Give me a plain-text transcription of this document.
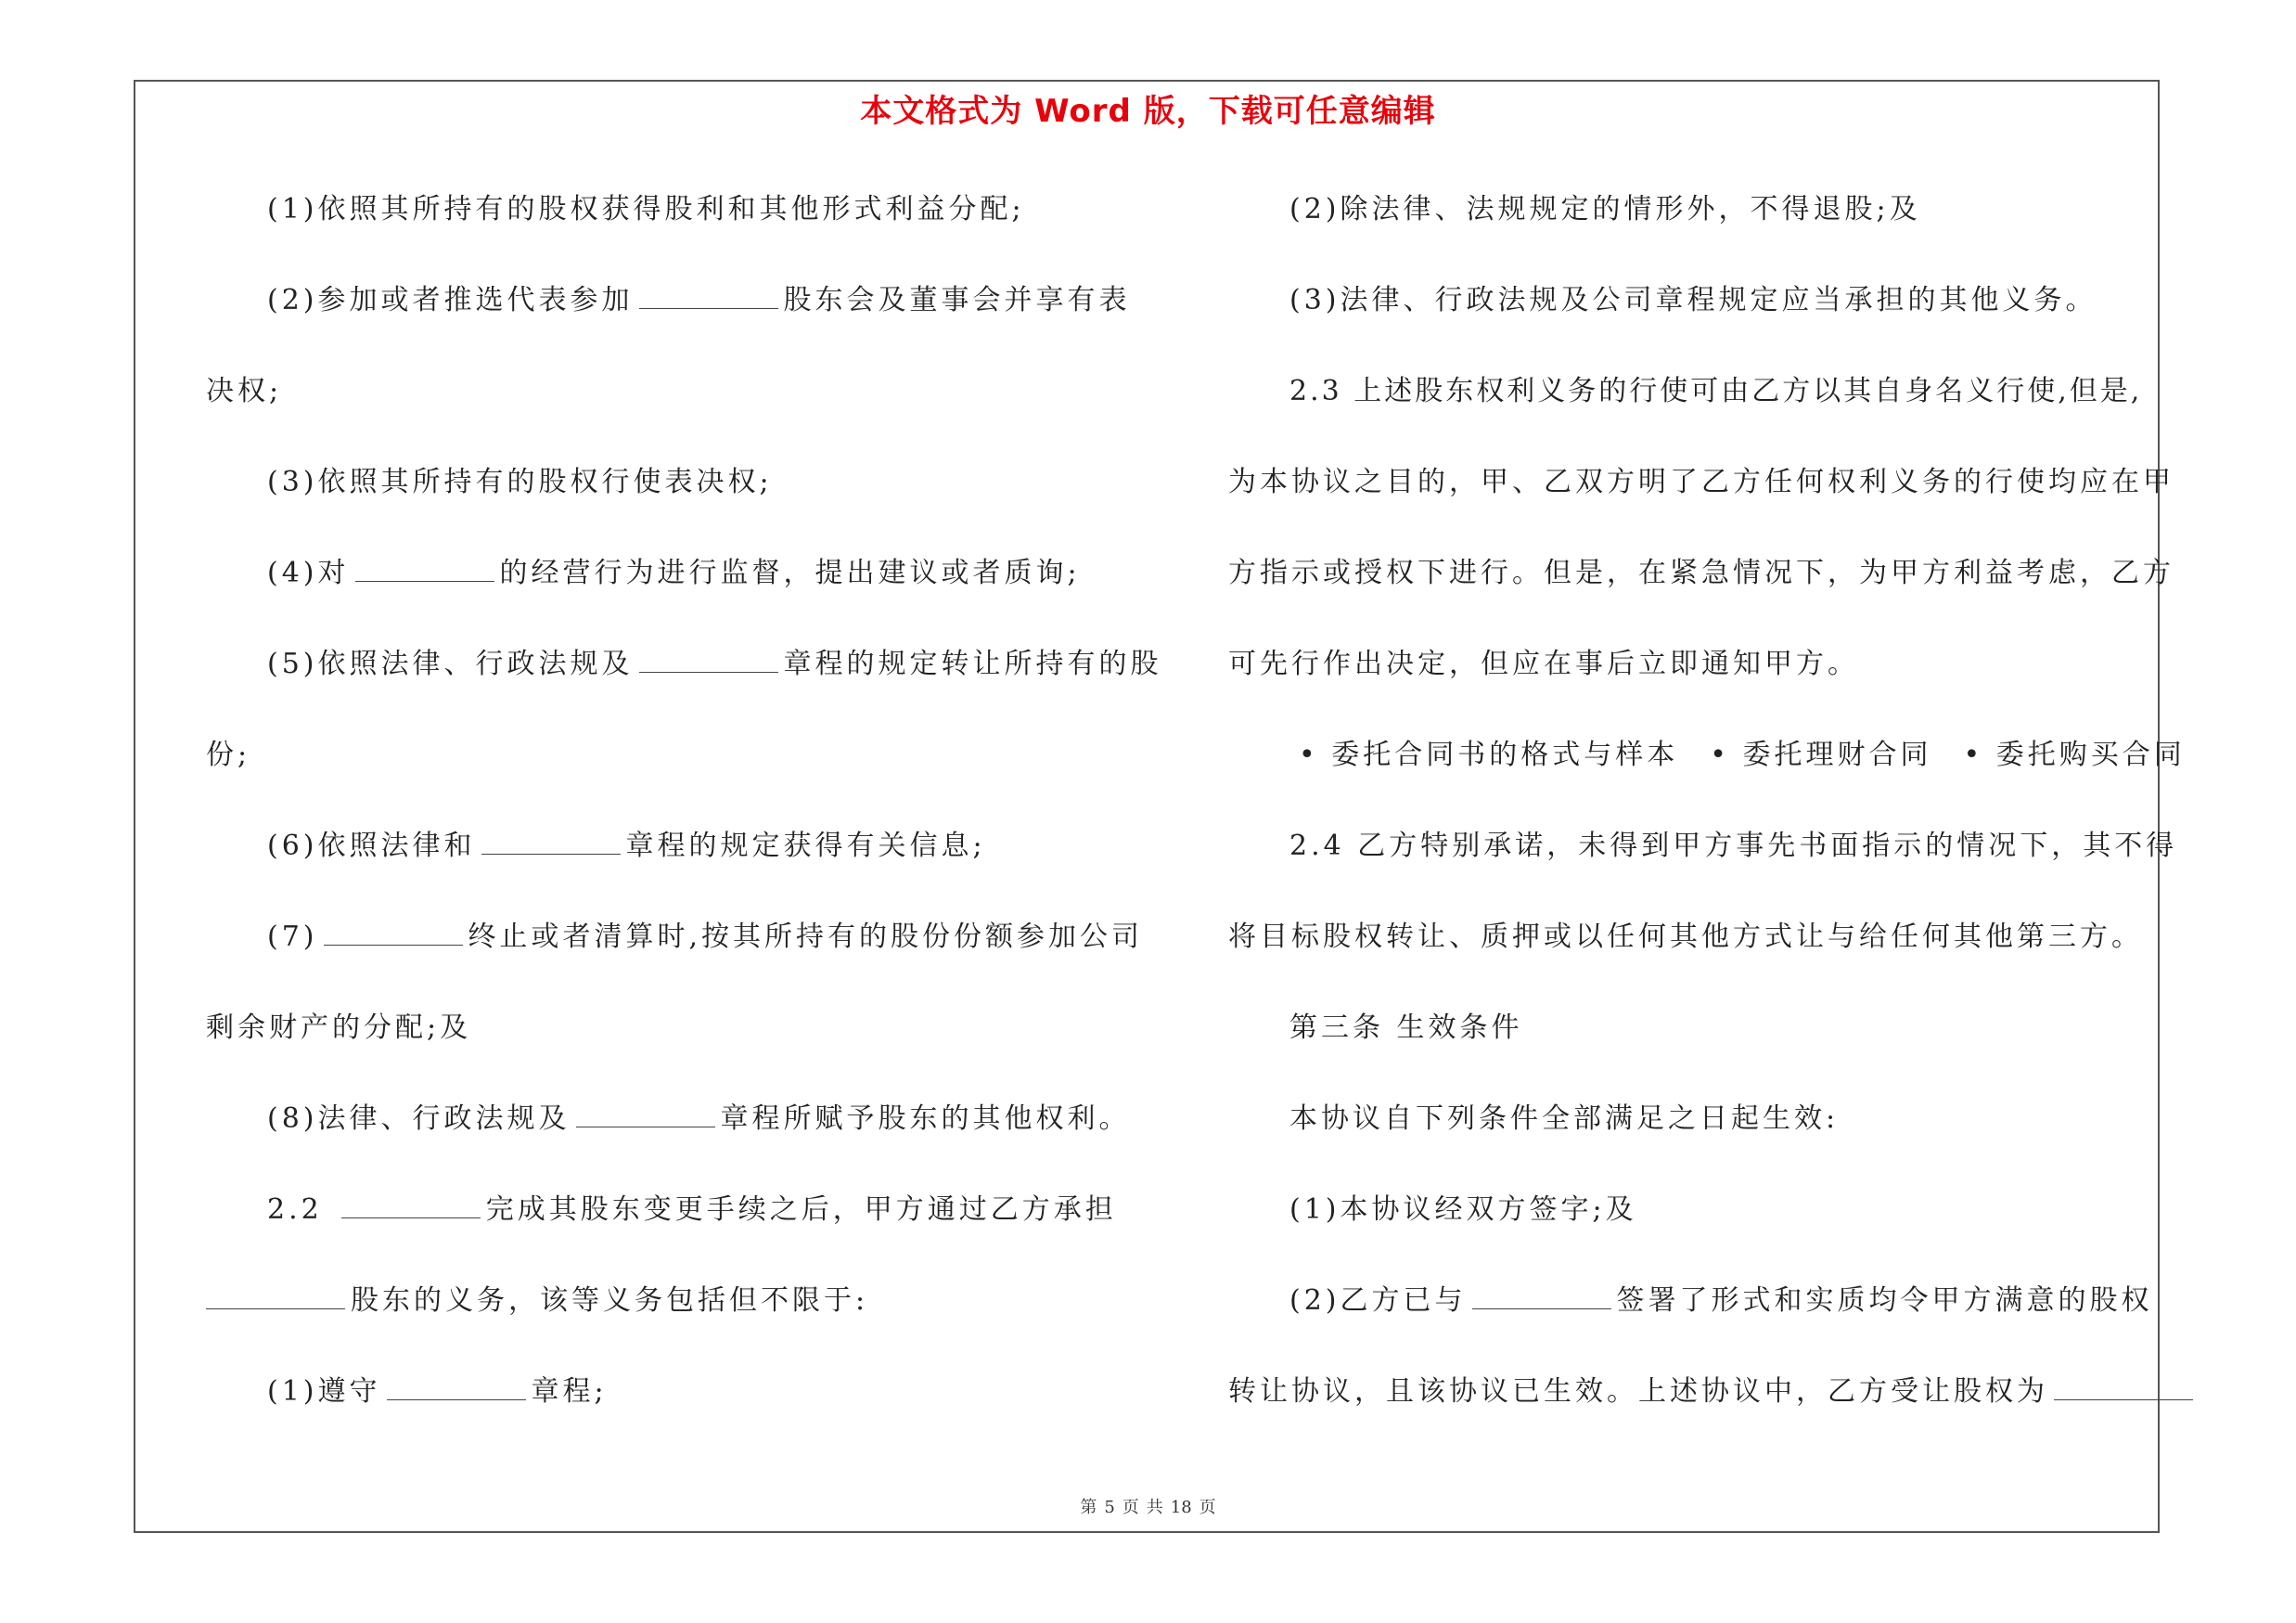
本文格式为 Word 版，下载可任意编辑
(1)依照其所持有的股权获得股利和其他形式利益分配;
(2)参加或者推选代表参加	股东会及董事会并享有表
决权;
(3)依照其所持有的股权行使表决权;
(4)对	的经营行为进行监督，提出建议或者质询;
(5)依照法律、行政法规及	章程的规定转让所持有的股
份;
(6)依照法律和	章程的规定获得有关信息;
(7)	终止或者清算时,按其所持有的股份份额参加公司
剩余财产的分配;及
(8)法律、行政法规及	章程所赋予股东的其他权利。
2.2	完成其股东变更手续之后，甲方通过乙方承担
股东的义务，该等义务包括但不限于:
(1)遵守	章程;
(2)除法律、法规规定的情形外，不得退股;及
(3)法律、行政法规及公司章程规定应当承担的其他义务。
2.3 上述股东权利义务的行使可由乙方以其自身名义行使,但是,
为本协议之目的，甲、乙双方明了乙方任何权利义务的行使均应在甲
方指示或授权下进行。但是，在紧急情况下，为甲方利益考虑，乙方
可先行作出决定，但应在事后立即通知甲方。
• 委托合同书的格式与样本 • 委托理财合同 • 委托购买合同
2.4 乙方特别承诺，未得到甲方事先书面指示的情况下，其不得
将目标股权转让、质押或以任何其他方式让与给任何其他第三方。
第三条 生效条件
本协议自下列条件全部满足之日起生效:
(1)本协议经双方签字;及
(2)乙方已与	签署了形式和实质均令甲方满意的股权
转让协议，且该协议已生效。上述协议中，乙方受让股权为
第 5 页 共 18 页
